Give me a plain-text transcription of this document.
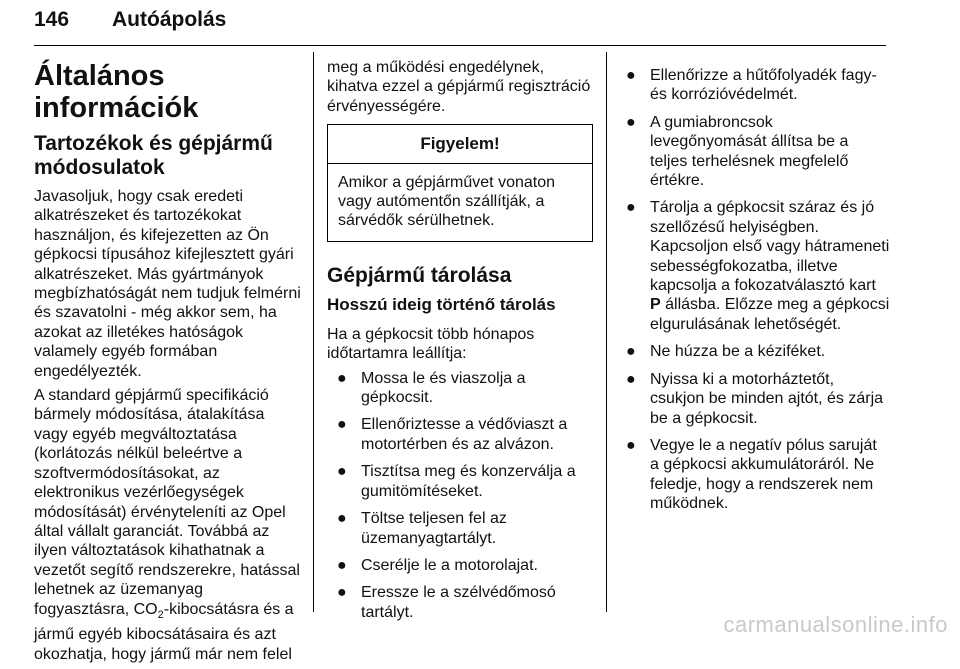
146 Autóápolás
Általános információk
Tartozékok és gépjármű módosulatok

Javasoljuk, hogy csak eredeti alkatrészeket és tartozékokat használjon, és kifejezetten az Ön gépkocsi típusához kifejlesztett gyári alkatrészeket. Más gyártmányok megbízhatóságát nem tudjuk felmérni és szavatolni - még akkor sem, ha azokat az illetékes hatóságok valamely egyéb formában engedélyezték.

A standard gépjármű specifikáció bármely módosítása, átalakítása vagy egyéb megváltoztatása (korlátozás nélkül beleértve a szoftvermódosításokat, az elektronikus vezérlőegységek módosítását) érvényteleníti az Opel által vállalt garanciát. Továbbá az ilyen változtatások kihathatnak a vezetőt segítő rendszerekre, hatással lehetnek az üzemanyag fogyasztásra, $CO_2$-kibocsátásra és a jármű egyéb kibocsátásaira és azt okozhatja, hogy jármű már nem felel

meg a működési engedélynek, kihatva ezzel a gépjármű regisztráció érvényességére.

Figyelem!
Amikor a gépjárművet vonaton vagy autómentőn szállítják, a sárvédők sérülhetnek.
Gépjármű tárolása
Hosszú ideig történő tárolás

Ha a gépkocsit több hónapos időtartamra leállítja:

● Mossa le és viaszolja a gépkocsit.
● Ellenőriztesse a védőviaszt a motortérben és az alvázon.
● Tisztítsa meg és konzerválja a gumitömítéseket.
● Töltse teljesen fel az üzemanyagtartályt.
● Cserélje le a motorolajat.
● Eressze le a szélvédőmosó tartályt.
● Ellenőrizze a hűtőfolyadék fagy- és korrózióvédelmét.
● A gumiabroncsok levegőnyomását állítsa be a teljes terhelésnek megfelelő értékre.
● Tárolja a gépkocsit száraz és jó szellőzésű helyiségben. Kapcsoljon első vagy hátrameneti sebességfokozatba, illetve kapcsolja a fokozatválasztó kart P állásba. Előzze meg a gépkocsi elgurulásának lehetőségét.
● Ne húzza be a kéziféket.
● Nyissa ki a motorháztetőt, csukjon be minden ajtót, és zárja be a gépkocsit.
● Vegye le a negatív pólus saruját a gépkocsi akkumulátoráról. Ne feledje, hogy a rendszerek nem működnek.
carmanualsonline.info
